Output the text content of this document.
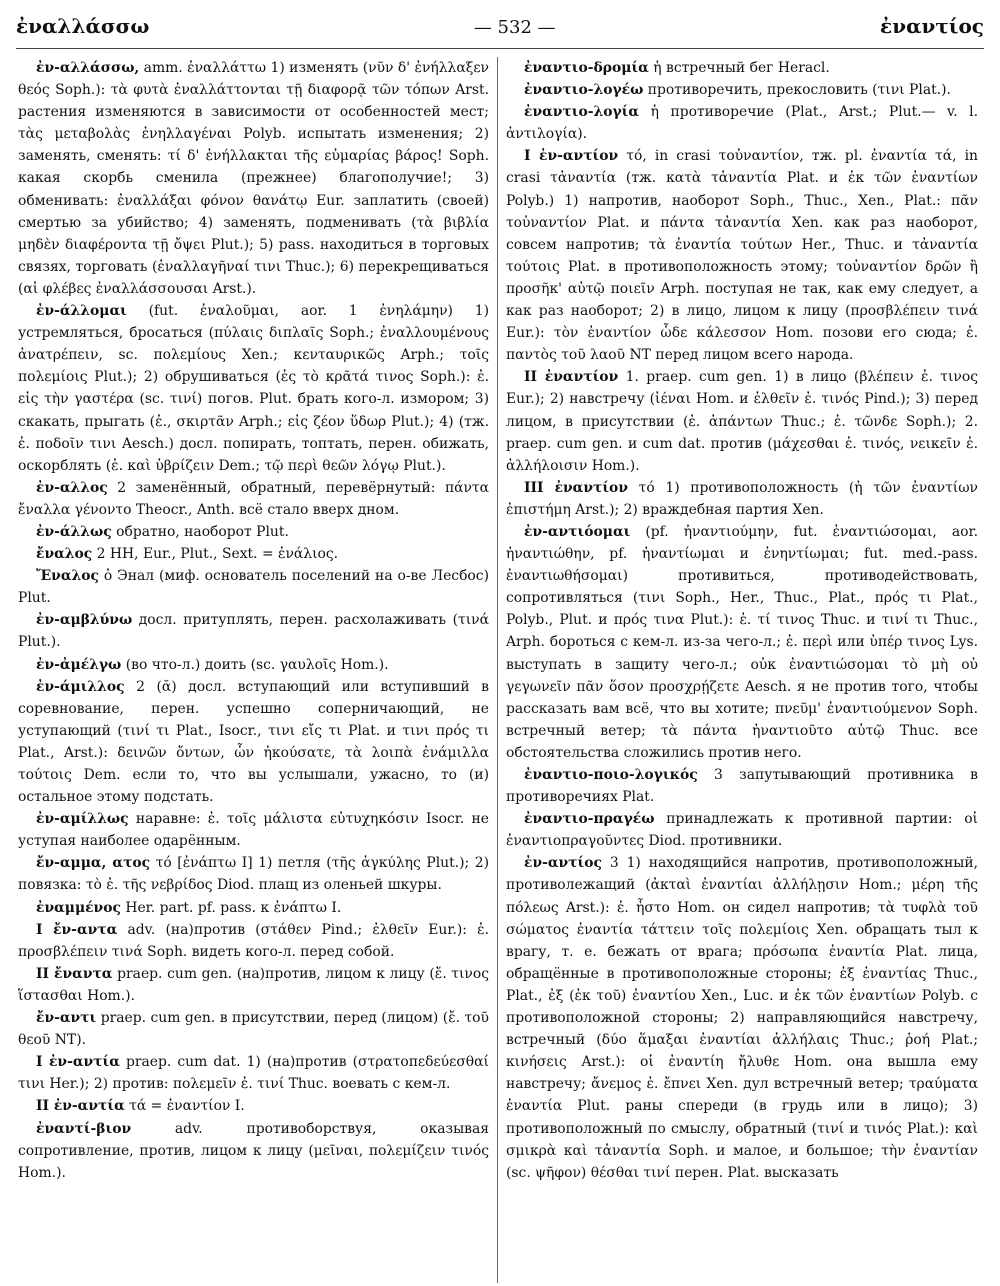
ἐναλλάσσω	— 532 —	ἐναντίος

ἐν-αλλάσσω, amm. ἐναλλάττω 1) изменять (νῦν δ' ἐνήλλαξεν θεός Soph.): τὰ φυτὰ ἐναλλάττονται τῇ διαφορᾷ τῶν τόπων Arst. растения изменяются в зависимости от особенностей мест; τὰς μεταβολὰς ἐνηλλαγέναι Polyb. испытать изменения; 2) заменять, сменять: τί δ' ἐνήλλακται τῆς εὐμαρίας βάρος! Soph. какая скорбь сменила (прежнее) благополучие!; 3) обменивать: ἐναλλάξαι φόνον θανάτῳ Eur. заплатить (своей) смертью за убийство; 4) заменять, подменивать (τὰ βιβλία μηδὲν διαφέροντα τῇ ὄψει Plut.); 5) pass. находиться в торговых связях, торговать (ἐναλλαγῆναί τινι Thuc.); 6) перекрещиваться (αἱ φλέβες ἐναλλάσσουσαι Arst.).

ἐν-άλλομαι (fut. ἐναλοῦμαι, aor. 1 ἐνηλάμην) 1) устремляться, бросаться (πύλαις διπλαῖς Soph.; ἐναλλουμένους ἀνατρέπειν, sc. πολεμίους Xen.; κενταυρικῶς Arph.; τοῖς πολεμίοις Plut.); 2) обрушиваться (ἐς τὸ κρᾶτά τινος Soph.): ἐ. εἰς τὴν γαστέρα (sc. τινί) погов. Plut. брать кого-л. измором; 3) скакать, прыгать (ἐ., σκιρτᾶν Arph.; εἰς ζέον ὕδωρ Plut.); 4) (тж. ἐ. ποδοῖν τινι Aesch.) досл. попирать, топтать, перен. обижать, оскорблять (ἐ. καὶ ὑβρίζειν Dem.; τῷ περὶ θεῶν λόγῳ Plut.).

ἐν-αλλος 2 заменённый, обратный, перевёрнутый: πάντα ἔναλλα γένοντο Theocr., Anth. всё стало вверх дном.

ἐν-άλλως обратно, наоборот Plut.

ἔναλος 2 HH, Eur., Plut., Sext. = ἐνάλιος.

Ἔναλος ὁ Энал (миф. основатель поселений на о-ве Лесбос) Plut.

ἐν-αμβλύνω досл. притуплять, перен. расхолаживать (τινά Plut.).

ἐν-ἀμέλγω (во что-л.) доить (sc. γαυλοῖς Hom.).

ἐν-άμιλλος 2 (ᾰ) досл. вступающий или вступивший в соревнование, перен. успешно соперничающий, не уступающий (τινί τι Plat., Isocr., τινι εἴς τι Plat. и τινι πρός τι Plat., Arst.): δεινῶν ὄντων, ὧν ἠκούσατε, τὰ λοιπὰ ἐνάμιλλα τούτοις Dem. если то, что вы услышали, ужасно, то (и) остальное этому подстать.

ἐν-αμίλλως наравне: ἐ. τοῖς μάλιστα εὐτυχηκόσιν Isocr. не уступая наиболее одарённым.

ἔν-αμμα, ατος τό [ἐνάπτω I] 1) петля (τῆς ἀγκύλης Plut.); 2) повязка: τὸ ἐ. τῆς νεβρίδος Diod. плащ из оленьей шкуры.

ἐναμμένος Her. part. pf. pass. к ἐνάπτω I.

I ἔν-αντα adv. (на)против (στάθεν Pind.; ἐλθεῖν Eur.): ἐ. προσβλέπειν τινά Soph. видеть кого-л. перед собой.

II ἔναντα praep. cum gen. (на)против, лицом к лицу (ἔ. τινος ἵστασθαι Hom.).

ἔν-αντι praep. cum gen. в присутствии, перед (лицом) (ἔ. τοῦ θεοῦ NT).

I ἐν-αντία praep. cum dat. 1) (на)против (στρατοπεδεύεσθαί τινι Her.); 2) против: πολεμεῖν ἐ. τινί Thuc. воевать с кем-л.

II ἐν-αντία τά = ἐναντίον I.

ἐναντί-βιον adv. противоборствуя, оказывая сопротивление, против, лицом к лицу (μεῖναι, πολεμίζειν τινός Hom.).

ἐναντιο-δρομία ἡ встречный бег Heracl.

ἐναντιο-λογέω противоречить, прекословить (τινι Plat.).

ἐναντιο-λογία ἡ противоречие (Plat., Arst.; Plut.— v. l. ἀντιλογία).

I ἐν-αντίον τό, in crasi τοὐναντίον, тж. pl. ἐναντία τά, in crasi τἀναντία (тж. κατὰ τἀναντία Plat. и ἐκ τῶν ἐναντίων Polyb.) 1) напротив, наоборот Soph., Thuc., Xen., Plat.: πᾶν τοὐναντίον Plat. и πάντα τἀναντία Xen. как раз наоборот, совсем напротив; τὰ ἐναντία τούτων Her., Thuc. и τἀναντία τούτοις Plat. в противоположность этому; τοὐναντίον δρῶν ἢ προσῆκ' αὐτῷ ποιεῖν Arph. поступая не так, как ему следует, а как раз наоборот; 2) в лицо, лицом к лицу (προσβλέπειν τινά Eur.): τὸν ἐναντίον ὧδε κάλεσσον Hom. позови его сюда; ἐ. παντὸς τοῦ λαοῦ NT перед лицом всего народа.

II ἐναντίον 1. praep. cum gen. 1) в лицо (βλέπειν ἐ. τινος Eur.); 2) навстречу (ἰέναι Hom. и ἐλθεῖν ἐ. τινός Pind.); 3) перед лицом, в присутствии (ἐ. ἁπάντων Thuc.; ἐ. τῶνδε Soph.); 2. praep. cum gen. и cum dat. против (μάχεσθαι ἐ. τινός, νεικεῖν ἐ. ἀλλήλοισιν Hom.).

III ἐναντίον τό 1) противоположность (ἡ τῶν ἐναντίων ἐπιστήμη Arst.); 2) враждебная партия Xen.

ἐν-αντιόομαι (pf. ἠναντιούμην, fut. ἐναντιώσομαι, aor. ἠναντιώθην, pf. ἠναντίωμαι и ἐνηντίωμαι; fut. med.-pass. ἐναντιωθήσομαι) противиться, противодействовать, сопротивляться (τινι Soph., Her., Thuc., Plat., πρός τι Plat., Polyb., Plut. и πρός τινα Plut.): ἐ. τί τινος Thuc. и τινί τι Thuc., Arph. бороться с кем-л. из-за чего-л.; ἐ. περὶ или ὑπέρ τινος Lys. выступать в защиту чего-л.; οὐκ ἐναντιώσομαι τὸ μὴ οὐ γεγωνεῖν πᾶν ὅσον προσχρῄζετε Aesch. я не против того, чтобы рассказать вам всё, что вы хотите; πνεῦμ' ἐναντιούμενον Soph. встречный ветер; τὰ πάντα ἠναντιοῦτο αὐτῷ Thuc. все обстоятельства сложились против него.

ἐναντιο-ποιο-λογικός 3 запутывающий противника в противоречиях Plat.

ἐναντιο-πραγέω принадлежать к противной партии: οἱ ἐναντιοπραγοῦντες Diod. противники.

ἐν-αντίος 3 1) находящийся напротив, противоположный, противолежащий (ἀκταὶ ἐναντίαι ἀλλήλῃσιν Hom.; μέρη τῆς πόλεως Arst.): ἐ. ἧστο Hom. он сидел напротив; τὰ τυφλὰ τοῦ σώματος ἐναντία τάττειν τοῖς πολεμίοις Xen. обращать тыл к врагу, т. е. бежать от врага; πρόσωπα ἐναντία Plat. лица, обращённые в противоположные стороны; ἐξ ἐναντίας Thuc., Plat., ἐξ (ἐκ τοῦ) ἐναντίου Xen., Luc. и ἐκ τῶν ἐναντίων Polyb. с противоположной стороны; 2) направляющийся навстречу, встречный (δύο ἅμαξαι ἐναντίαι ἀλλήλαις Thuc.; ῥοή Plat.; κινήσεις Arst.): οἱ ἐναντίη ἤλυθε Hom. она вышла ему навстречу; ἄνεμος ἐ. ἔπνει Xen. дул встречный ветер; τραύματα ἐναντία Plut. раны спереди (в грудь или в лицо); 3) противоположный по смыслу, обратный (τινί и τινός Plat.): καὶ σμικρὰ καὶ τἀναντία Soph. и малое, и большое; τὴν ἐναντίαν (sc. ψῆφον) θέσθαι τινί перен. Plat. высказать
